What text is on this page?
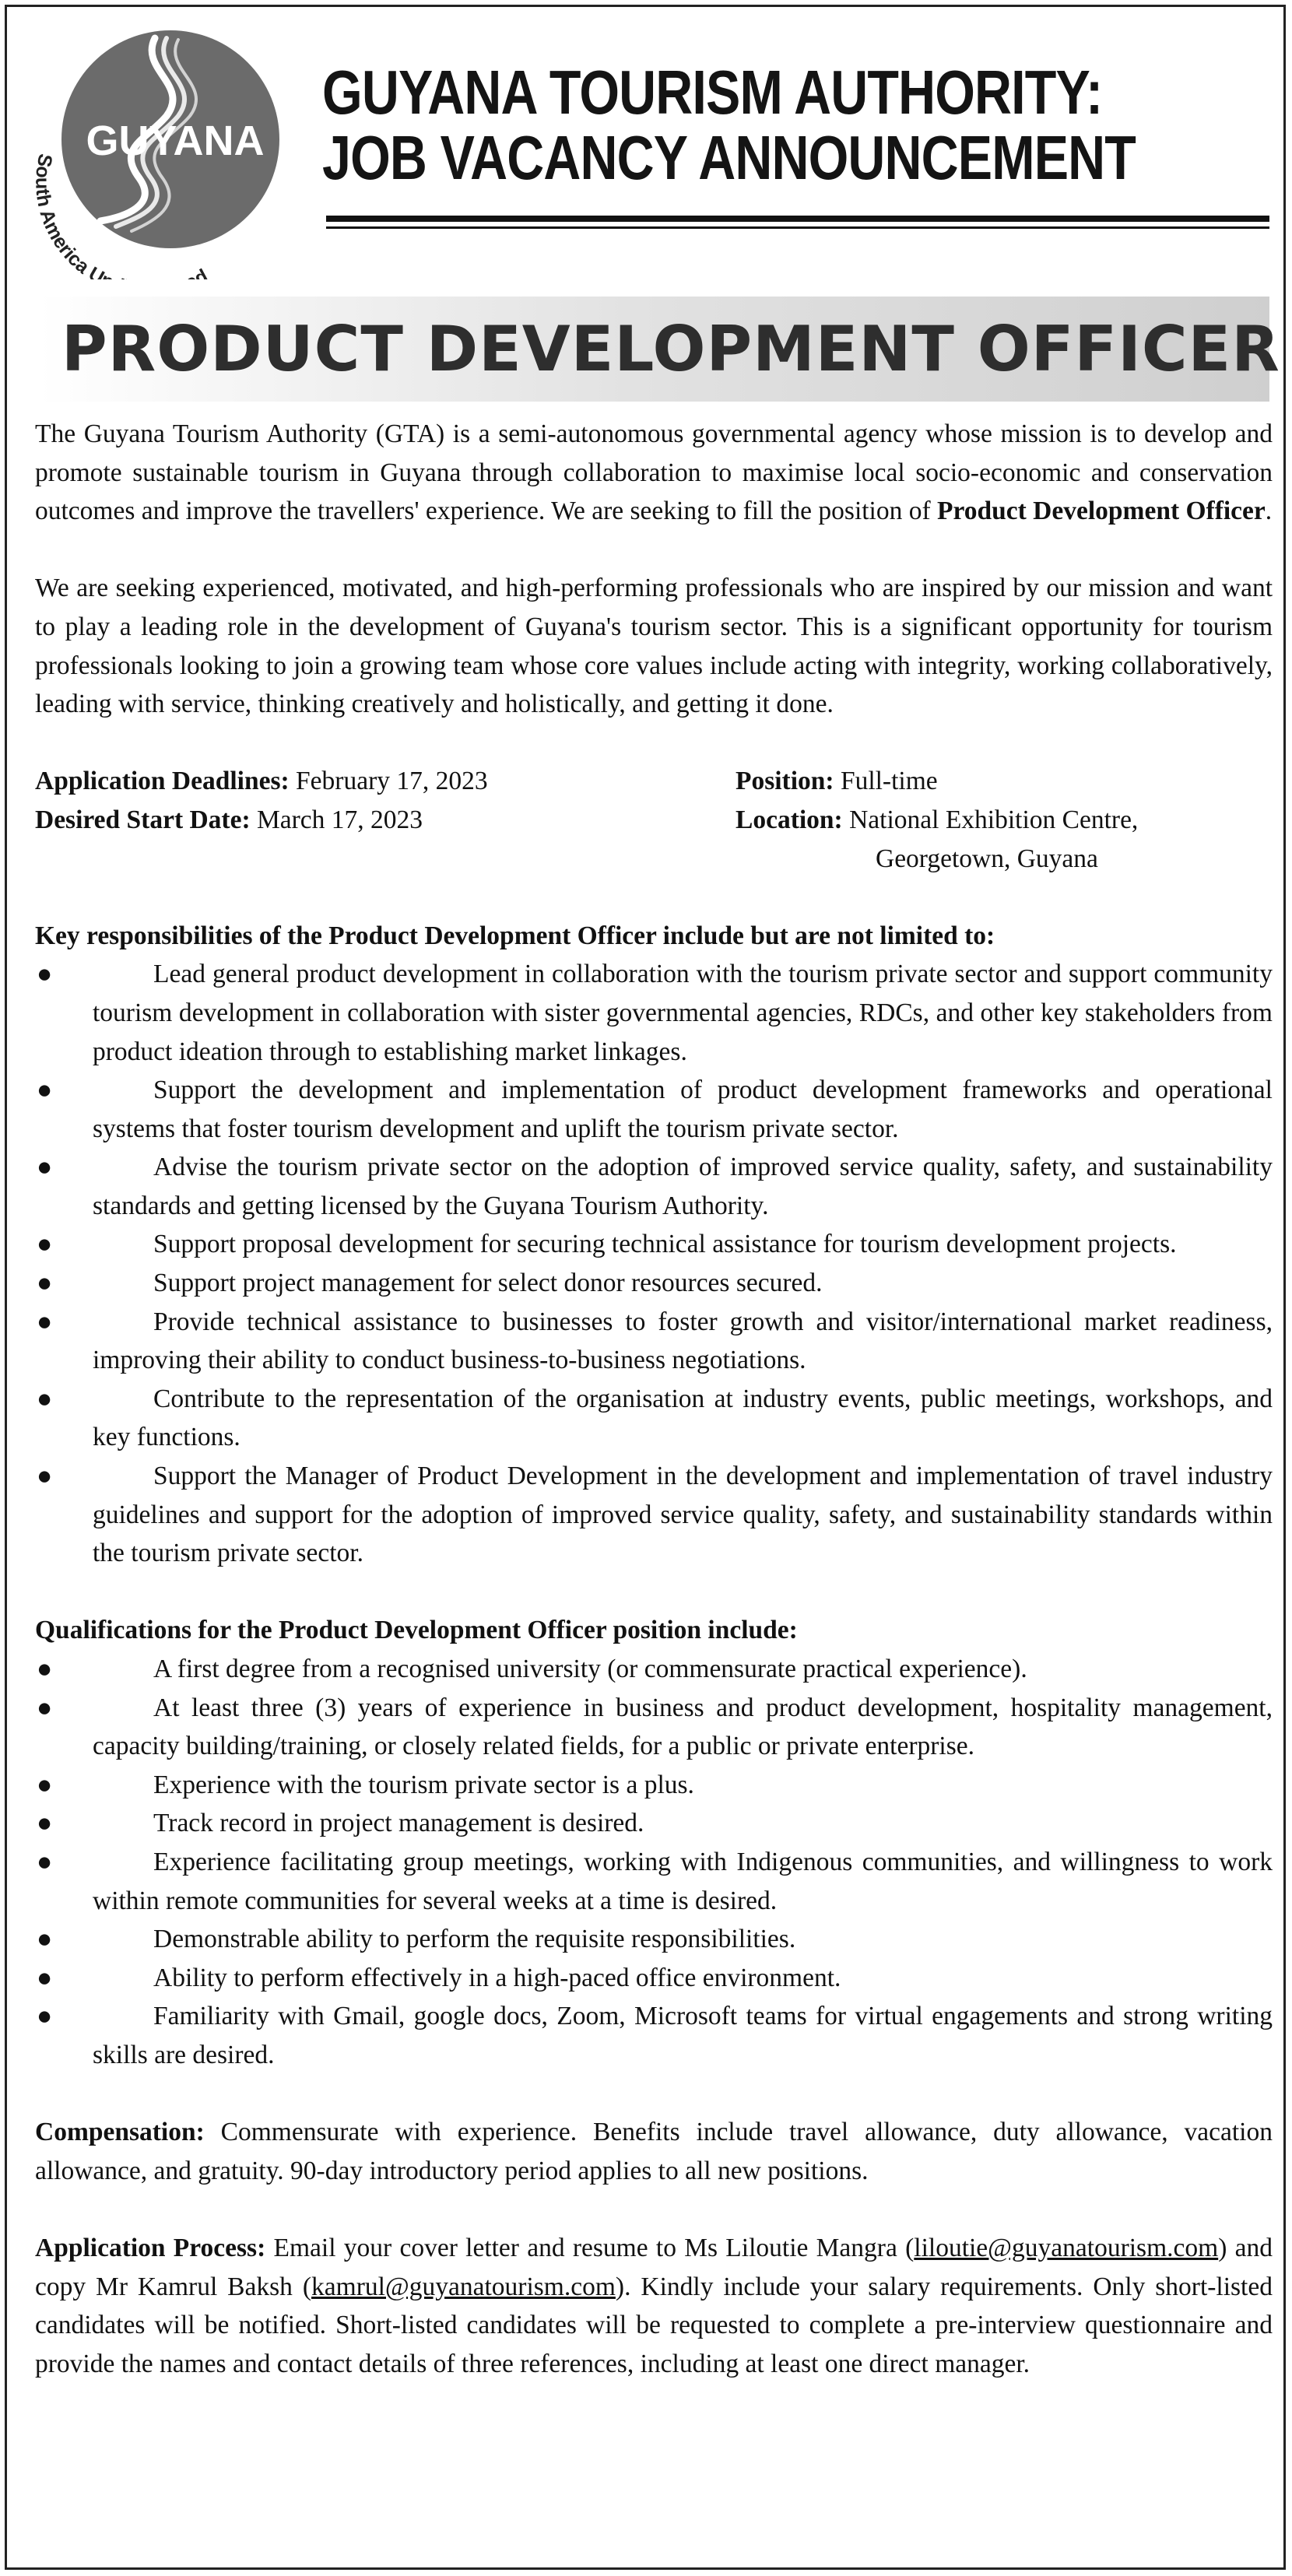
GUYANA
South America U d
GUYANA TOURISM AUTHORITY:
JOB VACANCY ANNOUNCEMENT
PRODUCT DEVELOPMENT OFFICER

The Guyana Tourism Authority (GTA) is a semi-autonomous governmental agency whose mission is to develop and promote sustainable tourism in Guyana through collaboration to maximise local socio-economic and conservation outcomes and improve the travellers' experience. We are seeking to fill the position of Product Development Officer.

We are seeking experienced, motivated, and high-performing professionals who are inspired by our mission and want to play a leading role in the development of Guyana's tourism sector. This is a significant opportunity for tourism professionals looking to join a growing team whose core values include acting with integrity, working collaboratively, leading with service, thinking creatively and holistically, and getting it done.

Application Deadlines: February 17, 2023
Desired Start Date: March 17, 2023
Position: Full-time
Location: National Exhibition Centre,
Georgetown, Guyana

Key responsibilities of the Product Development Officer include but are not limited to:

●	Lead general product development in collaboration with the tourism private sector and support community tourism development in collaboration with sister governmental agencies, RDCs, and other key stakeholders from product ideation through to establishing market linkages.
●	Support the development and implementation of product development frameworks and operational systems that foster tourism development and uplift the tourism private sector.
●	Advise the tourism private sector on the adoption of improved service quality, safety, and sustainability standards and getting licensed by the Guyana Tourism Authority.
●	Support proposal development for securing technical assistance for tourism development projects.
●	Support project management for select donor resources secured.
●	Provide technical assistance to businesses to foster growth and visitor/international market readiness, improving their ability to conduct business-to-business negotiations.
●	Contribute to the representation of the organisation at industry events, public meetings, workshops, and key functions.
●	Support the Manager of Product Development in the development and implementation of travel industry guidelines and support for the adoption of improved service quality, safety, and sustainability standards within the tourism private sector.

Qualifications for the Product Development Officer position include:

●	A first degree from a recognised university (or commensurate practical experience).
●	At least three (3) years of experience in business and product development, hospitality management, capacity building/training, or closely related fields, for a public or private enterprise.
●	Experience with the tourism private sector is a plus.
●	Track record in project management is desired.
●	Experience facilitating group meetings, working with Indigenous communities, and willingness to work within remote communities for several weeks at a time is desired.
●	Demonstrable ability to perform the requisite responsibilities.
●	Ability to perform effectively in a high-paced office environment.
●	Familiarity with Gmail, google docs, Zoom, Microsoft teams for virtual engagements and strong writing skills are desired.

Compensation: Commensurate with experience. Benefits include travel allowance, duty allowance, vacation allowance, and gratuity. 90-day introductory period applies to all new positions.

Application Process: Email your cover letter and resume to Ms Liloutie Mangra (liloutie@guyanatourism.com) and copy Mr Kamrul Baksh (kamrul@guyanatourism.com). Kindly include your salary requirements. Only short-listed candidates will be notified. Short-listed candidates will be requested to complete a pre-interview questionnaire and provide the names and contact details of three references, including at least one direct manager.
